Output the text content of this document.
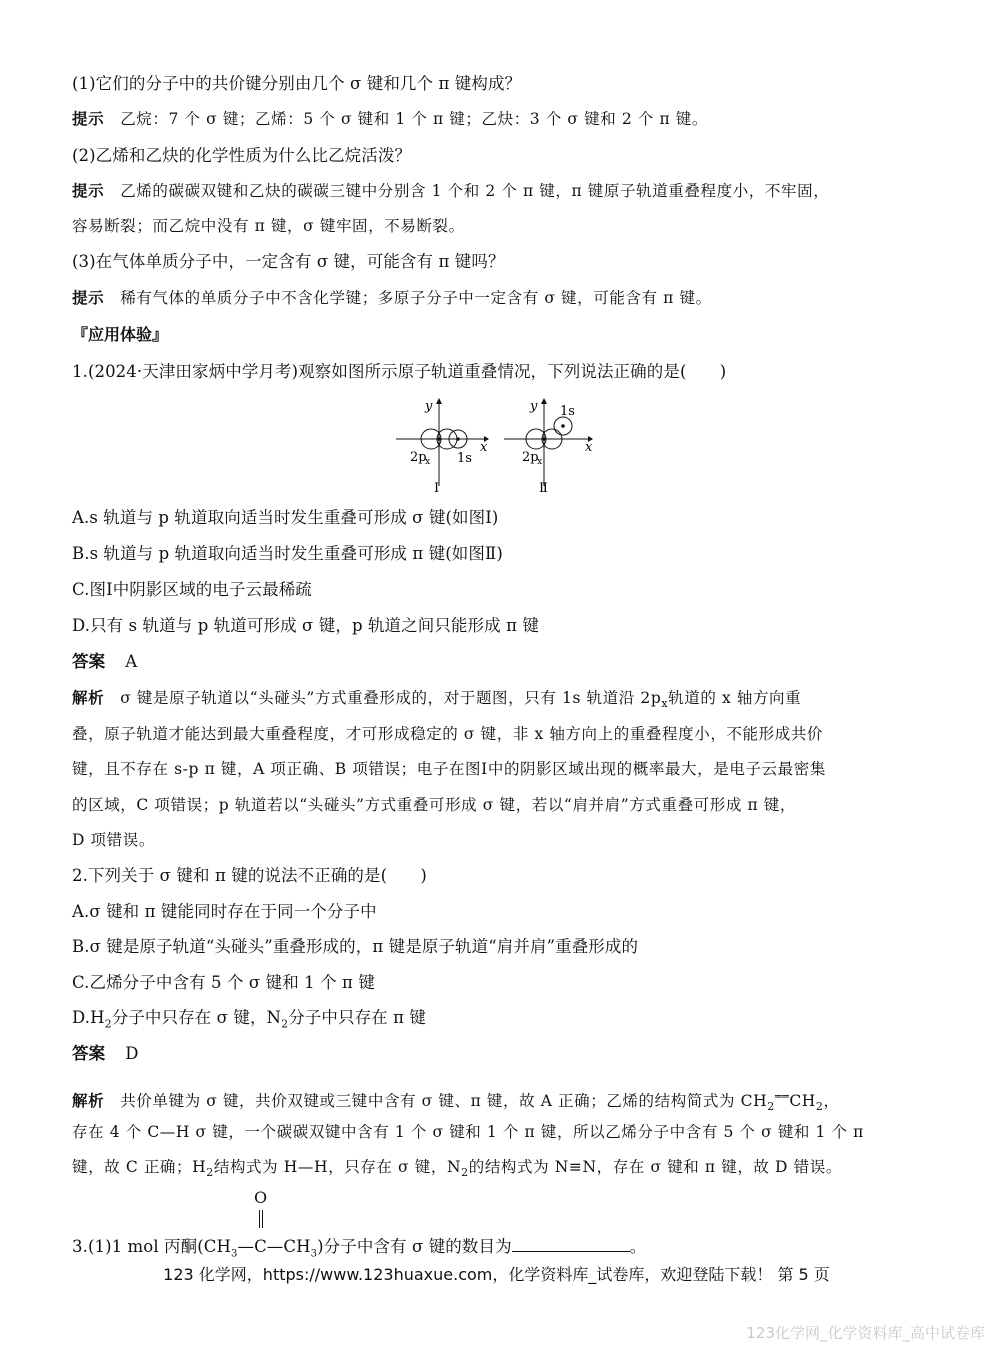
(1)它们的分子中的共价键分别由几个 σ 键和几个 π 键构成？
提示 乙烷：7 个 σ 键；乙烯：5 个 σ 键和 1 个 π 键；乙炔：3 个 σ 键和 2 个 π 键。
(2)乙烯和乙炔的化学性质为什么比乙烷活泼？
提示 乙烯的碳碳双键和乙炔的碳碳三键中分别含 1 个和 2 个 π 键，π 键原子轨道重叠程度小，不牢固，
容易断裂；而乙烷中没有 π 键，σ 键牢固，不易断裂。
(3)在气体单质分子中，一定含有 σ 键，可能含有 π 键吗？
提示 稀有气体的单质分子中不含化学键；多原子分子中一定含有 σ 键，可能含有 π 键。
『应用体验』
1.(2024·天津田家炳中学月考)观察如图所示原子轨道重叠情况，下列说法正确的是(　　)
y
x
2p
x 1s
Ⅰ
y
x
1s
2p
x
Ⅱ
A.s 轨道与 p 轨道取向适当时发生重叠可形成 σ 键(如图Ⅰ)
B.s 轨道与 p 轨道取向适当时发生重叠可形成 π 键(如图Ⅱ)
C.图Ⅰ中阴影区域的电子云最稀疏
D.只有 s 轨道与 p 轨道可形成 σ 键，p 轨道之间只能形成 π 键
答案 A
解析 σ 键是原子轨道以“头碰头”方式重叠形成的，对于题图，只有 1s 轨道沿 $2p_x$轨道的 x 轴方向重
叠，原子轨道才能达到最大重叠程度，才可形成稳定的 σ 键，非 x 轴方向上的重叠程度小，不能形成共价
键，且不存在 s-p π 键，A 项正确、B 项错误；电子在图Ⅰ中的阴影区域出现的概率最大，是电子云最密集
的区域，C 项错误；p 轨道若以“头碰头”方式重叠可形成 σ 键，若以“肩并肩”方式重叠可形成 π 键，
D 项错误。
2.下列关于 σ 键和 π 键的说法不正确的是(　　)
A.σ 键和 π 键能同时存在于同一个分子中
B.σ 键是原子轨道“头碰头”重叠形成的，π 键是原子轨道“肩并肩”重叠形成的
C.乙烯分子中含有 5 个 σ 键和 1 个 π 键
$D.H_2$分子中只存在 σ 键，$N_2$分子中只存在 π 键
答案 D
解析 共价单键为 σ 键，共价双键或三键中含有 σ 键、π 键，故 A 正确；乙烯的结构简式为 $CH_2^{══}CH_2$，
存在 4 个 C—H σ 键，一个碳碳双键中含有 1 个 σ 键和 1 个 π 键，所以乙烯分子中含有 5 个 σ 键和 1 个 π
键，故 C 正确；$H_2$结构式为 H—H，只存在 σ 键，$N_2$的结构式为 N≡N，存在 σ 键和 π 键，故 D 错误。
O
3.(1)1 mol 丙酮$(CH_3—C—CH_3)$分子中含有 σ 键的数目为	。
123 化学网，https://www.123huaxue.com，化学资料库_试卷库，欢迎登陆下载！ 第 5 页
123化学网_化学资料库_高中试卷库
